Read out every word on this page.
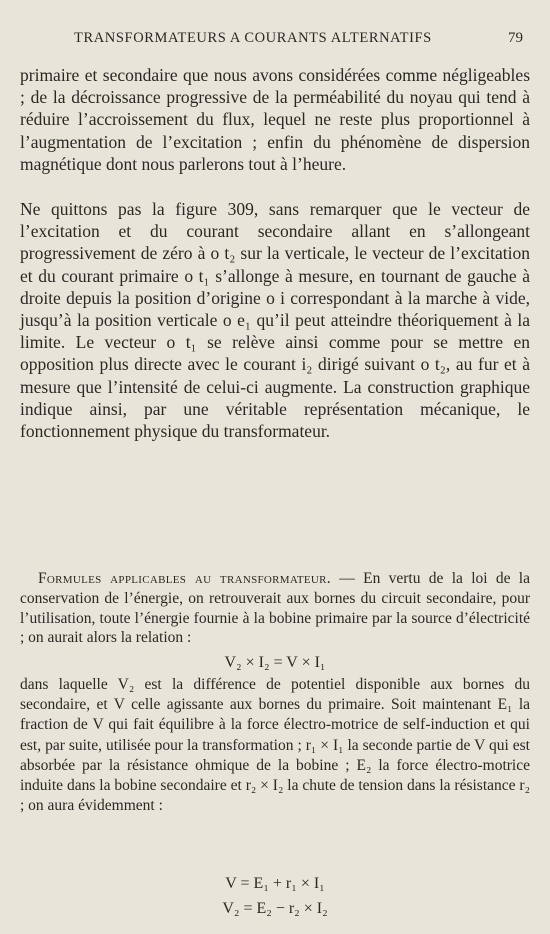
TRANSFORMATEURS A COURANTS ALTERNATIFS	79

primaire et secondaire que nous avons considérées comme négligeables ; de la décroissance progressive de la perméabilité du noyau qui tend à réduire l’accroissement du flux, lequel ne reste plus proportionnel à l’augmentation de l’excitation ; enfin du phénomène de dispersion magnétique dont nous parlerons tout à l’heure.

Ne quittons pas la figure 309, sans remarquer que le vecteur de l’excitation et du courant secondaire allant en s’allongeant progressivement de zéro à o t₂ sur la verticale, le vecteur de l’excitation et du courant primaire o t₁ s’allonge à mesure, en tournant de gauche à droite depuis la position d’origine o i correspondant à la marche à vide, jusqu’à la position verticale o e₁ qu’il peut atteindre théoriquement à la limite. Le vecteur o t₁ se relève ainsi comme pour se mettre en opposition plus directe avec le courant i₂ dirigé suivant o t₂, au fur et à mesure que l’intensité de celui-ci augmente. La construction graphique indique ainsi, par une véritable représentation mécanique, le fonctionnement physique du transformateur.

Formules applicables au transformateur. — En vertu de la loi de la conservation de l’énergie, on retrouverait aux bornes du circuit secondaire, pour l’utilisation, toute l’énergie fournie à la bobine primaire par la source d’électricité ; on aurait alors la relation :

V₂ × I₂ = V × I₁

dans laquelle V₂ est la différence de potentiel disponible aux bornes du secondaire, et V celle agissante aux bornes du primaire. Soit maintenant E₁ la fraction de V qui fait équilibre à la force électro-motrice de self-induction et qui est, par suite, utilisée pour la transformation ; r₁ × I₁ la seconde partie de V qui est absorbée par la résistance ohmique de la bobine ; E₂ la force électro-motrice induite dans la bobine secondaire et r₂ × I₂ la chute de tension dans la résistance r₂ ; on aura évidemment :

V = E₁ + r₁ × I₁
V₂ = E₂ − r₂ × I₂
